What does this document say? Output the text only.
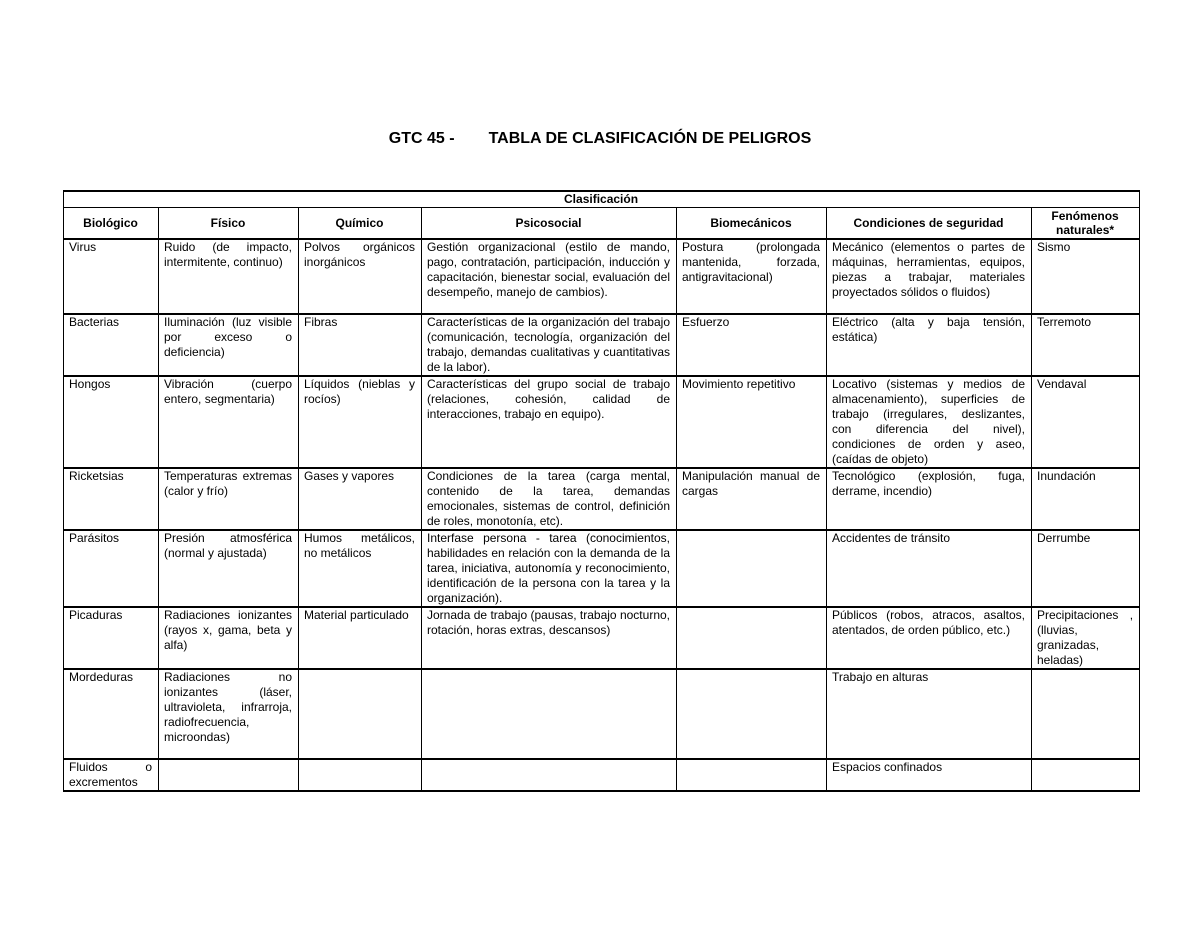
GTC 45 - TABLA DE CLASIFICACIÓN DE PELIGROS
Clasificación						
Biológico	Físico	Químico	Psicosocial	Biomecánicos	Condiciones de seguridad	Fenómenos naturales*
Virus	Ruido (de impacto, intermitente, continuo)	Polvos orgánicos inorgánicos	Gestión organizacional (estilo de mando, pago, contratación, participación, inducción y capacitación, bienestar social, evaluación del desempeño, manejo de cambios).	Postura (prolongada mantenida, forzada, antigravitacional)	Mecánico (elementos o partes de máquinas, herramientas, equipos, piezas a trabajar, materiales proyectados sólidos o fluidos)	Sismo
Bacterias	Iluminación (luz visible por exceso o deficiencia)	Fibras	Características de la organización del trabajo (comunicación, tecnología, organización del trabajo, demandas cualitativas y cuantitativas de la labor).	Esfuerzo	Eléctrico (alta y baja tensión, estática)	Terremoto
Hongos	Vibración (cuerpo entero, segmentaria)	Líquidos (nieblas y rocíos)	Características del grupo social de trabajo (relaciones, cohesión, calidad de interacciones, trabajo en equipo).	Movimiento repetitivo	Locativo (sistemas y medios de almacenamiento), superficies de trabajo (irregulares, deslizantes, con diferencia del nivel), condiciones de orden y aseo, (caídas de objeto)	Vendaval
Ricketsias	Temperaturas extremas (calor y frío)	Gases y vapores	Condiciones de la tarea (carga mental, contenido de la tarea, demandas emocionales, sistemas de control, definición de roles, monotonía, etc).	Manipulación manual de cargas	Tecnológico (explosión, fuga, derrame, incendio)	Inundación
Parásitos	Presión atmosférica (normal y ajustada)	Humos metálicos, no metálicos	Interfase persona - tarea (conocimientos, habilidades en relación con la demanda de la tarea, iniciativa, autonomía y reconocimiento, identificación de la persona con la tarea y la organización).		Accidentes de tránsito	Derrumbe
Picaduras	Radiaciones ionizantes (rayos x, gama, beta y alfa)	Material particulado	Jornada de trabajo (pausas, trabajo nocturno, rotación, horas extras, descansos)		Públicos (robos, atracos, asaltos, atentados, de orden público, etc.)	Precipitaciones , (lluvias, granizadas, heladas)
Mordeduras	Radiaciones no ionizantes (láser, ultravioleta, infrarroja, radiofrecuencia, microondas)				Trabajo en alturas	
Fluidos o excrementos					Espacios confinados	
